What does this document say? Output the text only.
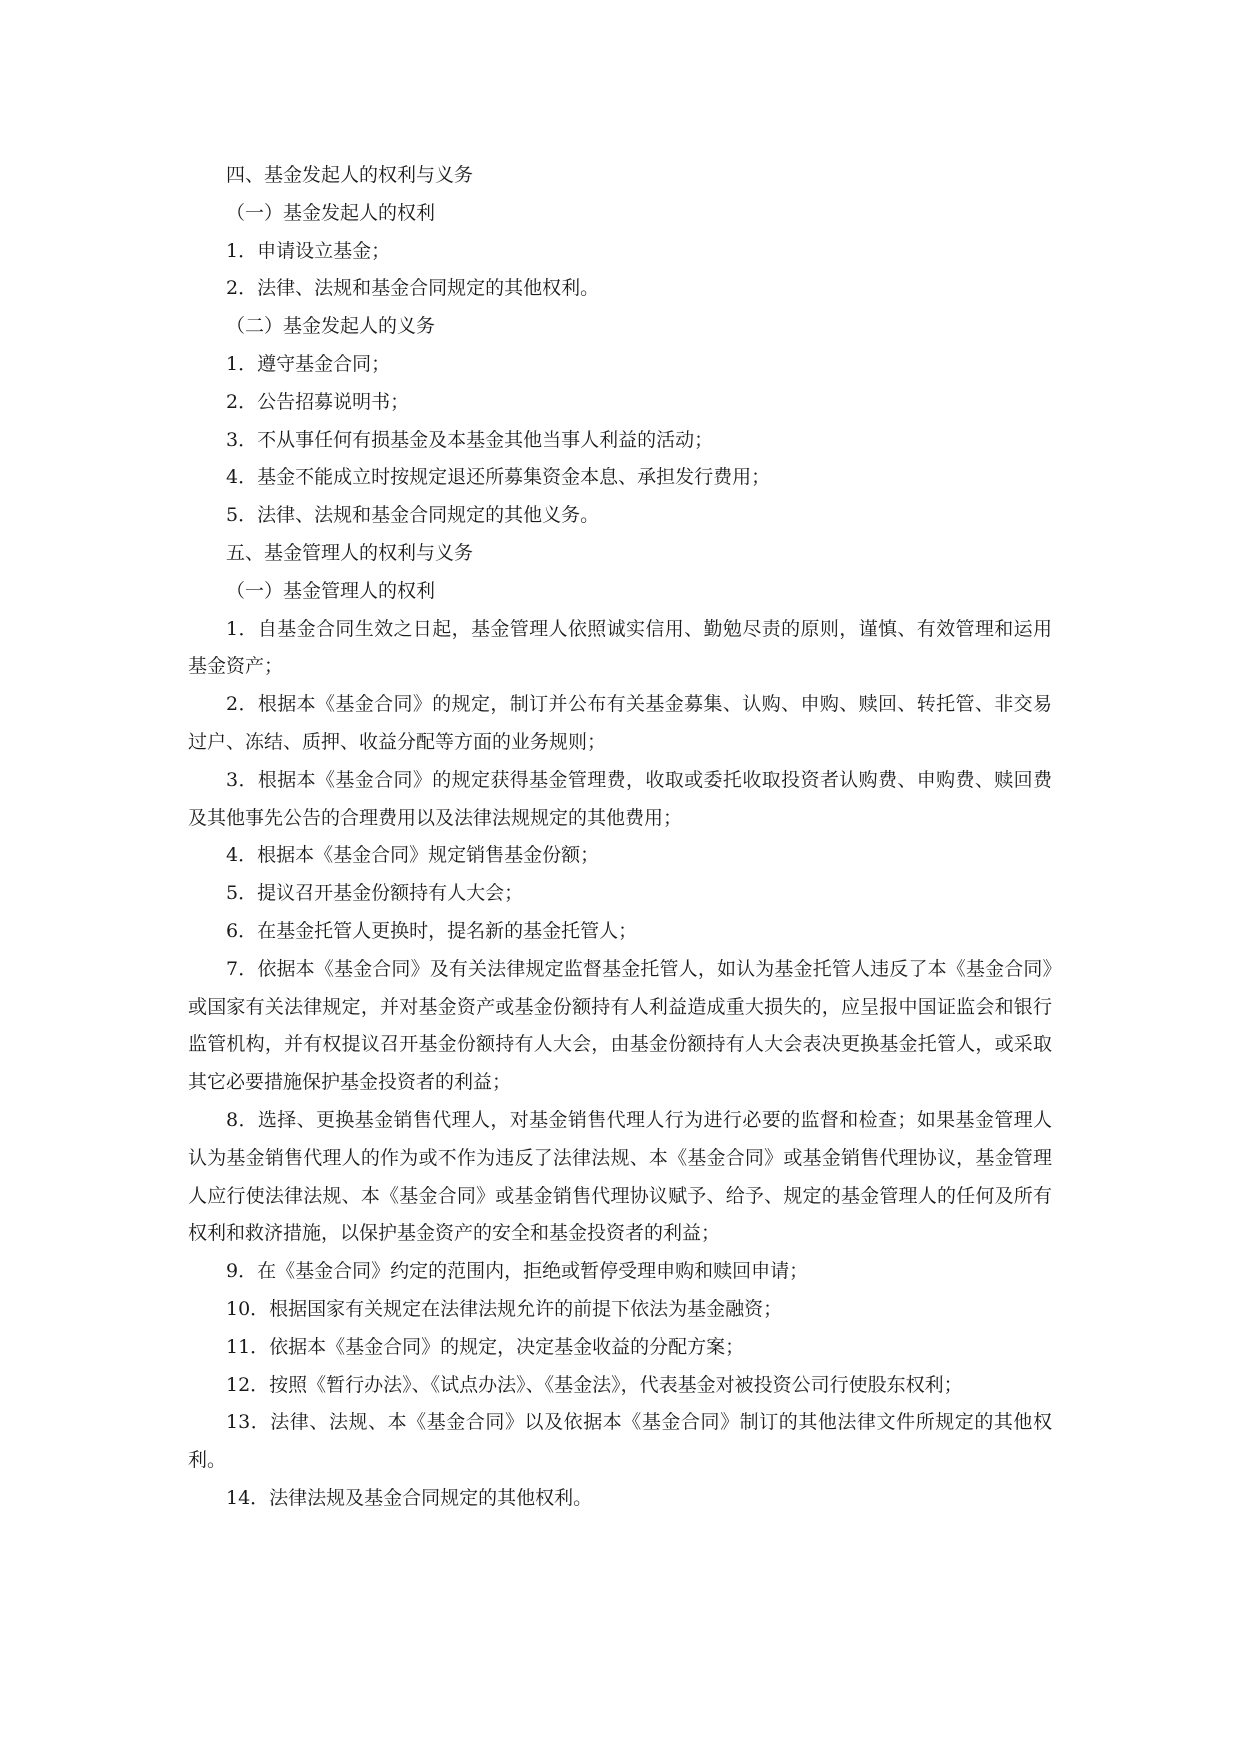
四、基金发起人的权利与义务

（一）基金发起人的权利

1．申请设立基金；

2．法律、法规和基金合同规定的其他权利。

（二）基金发起人的义务

1．遵守基金合同；

2．公告招募说明书；

3．不从事任何有损基金及本基金其他当事人利益的活动；

4．基金不能成立时按规定退还所募集资金本息、承担发行费用；

5．法律、法规和基金合同规定的其他义务。

五、基金管理人的权利与义务

（一）基金管理人的权利

1．自基金合同生效之日起，基金管理人依照诚实信用、勤勉尽责的原则，谨慎、有效管理和运用基金资产；

2．根据本《基金合同》的规定，制订并公布有关基金募集、认购、申购、赎回、转托管、非交易过户、冻结、质押、收益分配等方面的业务规则；

3．根据本《基金合同》的规定获得基金管理费，收取或委托收取投资者认购费、申购费、赎回费及其他事先公告的合理费用以及法律法规规定的其他费用；

4．根据本《基金合同》规定销售基金份额；

5．提议召开基金份额持有人大会；

6．在基金托管人更换时，提名新的基金托管人；

7．依据本《基金合同》及有关法律规定监督基金托管人，如认为基金托管人违反了本《基金合同》或国家有关法律规定，并对基金资产或基金份额持有人利益造成重大损失的，应呈报中国证监会和银行监管机构，并有权提议召开基金份额持有人大会，由基金份额持有人大会表决更换基金托管人，或采取其它必要措施保护基金投资者的利益；

8．选择、更换基金销售代理人，对基金销售代理人行为进行必要的监督和检查；如果基金管理人认为基金销售代理人的作为或不作为违反了法律法规、本《基金合同》或基金销售代理协议，基金管理人应行使法律法规、本《基金合同》或基金销售代理协议赋予、给予、规定的基金管理人的任何及所有权利和救济措施，以保护基金资产的安全和基金投资者的利益；

9．在《基金合同》约定的范围内，拒绝或暂停受理申购和赎回申请；

10．根据国家有关规定在法律法规允许的前提下依法为基金融资；

11．依据本《基金合同》的规定，决定基金收益的分配方案；

12．按照《暂行办法》、《试点办法》、《基金法》，代表基金对被投资公司行使股东权利；

13．法律、法规、本《基金合同》以及依据本《基金合同》制订的其他法律文件所规定的其他权利。

14．法律法规及基金合同规定的其他权利。
